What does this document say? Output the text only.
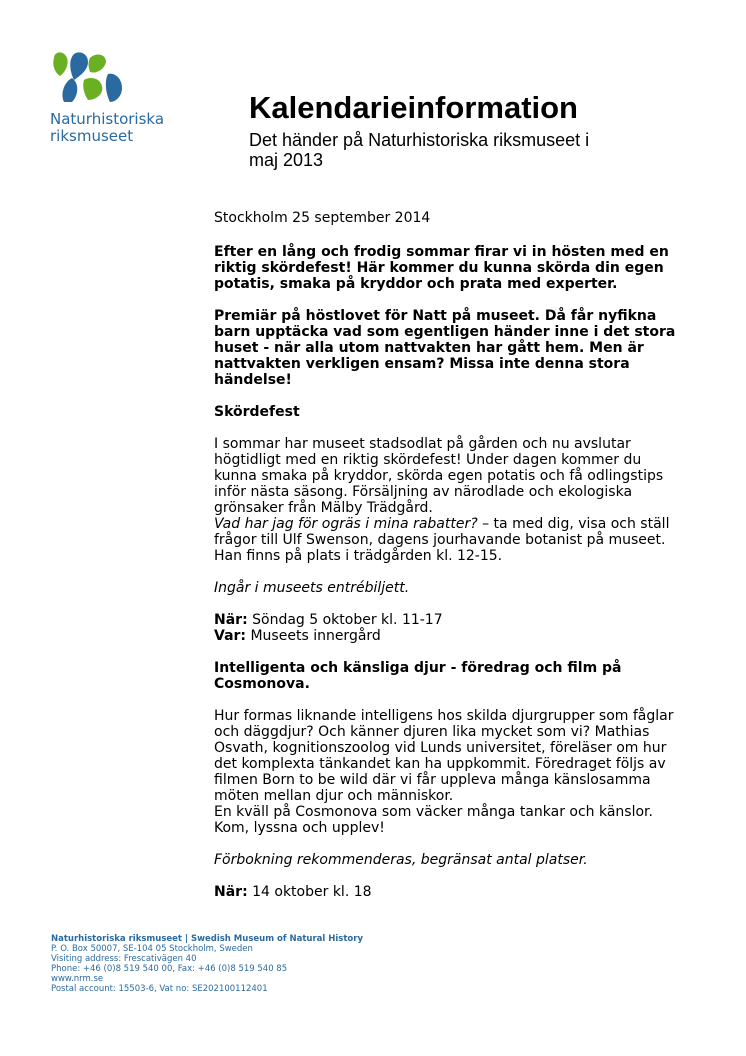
Naturhistoriska
riksmuseet
Kalendarieinformation
Det händer på Naturhistoriska riksmuseet i
maj 2013

Stockholm 25 september 2014

Efter en lång och frodig sommar firar vi in hösten med en riktig skördefest! Här kommer du kunna skörda din egen potatis, smaka på kryddor och prata med experter.

Premiär på höstlovet för Natt på museet. Då får nyfikna barn upptäcka vad som egentligen händer inne i det stora huset - när alla utom nattvakten har gått hem. Men är nattvakten verkligen ensam? Missa inte denna stora händelse!

Skördefest

I sommar har museet stadsodlat på gården och nu avslutar högtidligt med en riktig skördefest! Under dagen kommer du kunna smaka på kryddor, skörda egen potatis och få odlingstips inför nästa säsong. Försäljning av närodlade och ekologiska grönsaker från Mälby Trädgård.
Vad har jag för ogräs i mina rabatter? – ta med dig, visa och ställ frågor till Ulf Swenson, dagens jourhavande botanist på museet. Han finns på plats i trädgården kl. 12-15.

Ingår i museets entrébiljett.

När: Söndag 5 oktober kl. 11-17
Var: Museets innergård

Intelligenta och känsliga djur - föredrag och film på Cosmonova.

Hur formas liknande intelligens hos skilda djurgrupper som fåglar och däggdjur? Och känner djuren lika mycket som vi? Mathias Osvath, kognitionszoolog vid Lunds universitet, föreläser om hur det komplexta tänkandet kan ha uppkommit. Föredraget följs av filmen Born to be wild där vi får uppleva många känslosamma möten mellan djur och människor.
En kväll på Cosmonova som väcker många tankar och känslor. Kom, lyssna och upplev!

Förbokning rekommenderas, begränsat antal platser.

När: 14 oktober kl. 18

Naturhistoriska riksmuseet | Swedish Museum of Natural History
P. O. Box 50007, SE-104 05 Stockholm, Sweden
Visiting address: Frescativägen 40
Phone: +46 (0)8 519 540 00, Fax: +46 (0)8 519 540 85
www.nrm.se
Postal account: 15503-6, Vat no: SE202100112401
